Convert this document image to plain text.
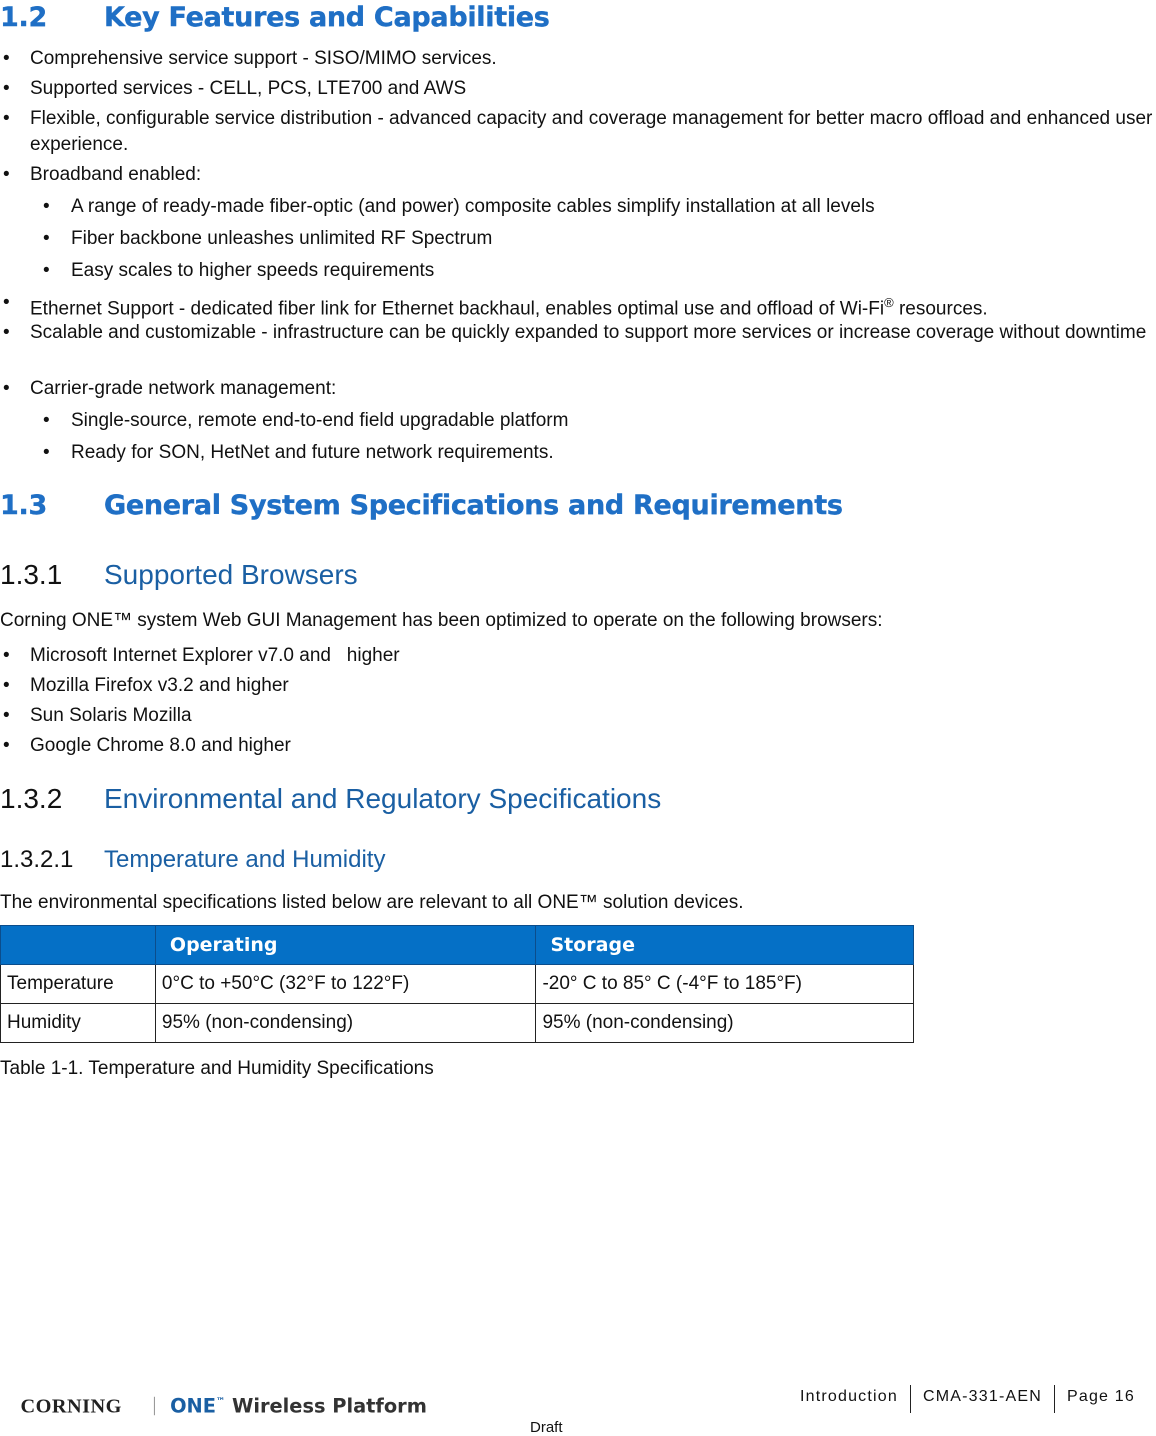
1.2 Key Features and Capabilities
• Comprehensive service support - SISO/MIMO services.
• Supported services - CELL, PCS, LTE700 and AWS
• Flexible, configurable service distribution - advanced capacity and coverage management for better macro offload and enhanced user experience.
• Broadband enabled:
• A range of ready-made fiber-optic (and power) composite cables simplify installation at all levels
• Fiber backbone unleashes unlimited RF Spectrum
• Easy scales to higher speeds requirements
• Ethernet Support - dedicated fiber link for Ethernet backhaul, enables optimal use and offload of Wi-Fi® resources.
• Scalable and customizable - infrastructure can be quickly expanded to support more services or increase coverage without downtime
• Carrier-grade network management:
• Single-source, remote end-to-end field upgradable platform
• Ready for SON, HetNet and future network requirements.
1.3 General System Specifications and Requirements
1.3.1 Supported Browsers

Corning ONE™ system Web GUI Management has been optimized to operate on the following browsers:

• Microsoft Internet Explorer v7.0 and   higher
• Mozilla Firefox v3.2 and higher
• Sun Solaris Mozilla
• Google Chrome 8.0 and higher
1.3.2 Environmental and Regulatory Specifications
1.3.2.1 Temperature and Humidity

The environmental specifications listed below are relevant to all ONE™ solution devices.

	Operating	Storage
Temperature	0°C to +50°C (32°F to 122°F)	-20° C to 85° C (-4°F to 185°F)
Humidity	95% (non-condensing)	95% (non-condensing)
Table 1-1. Temperature and Humidity Specifications
CORNING ONE™ Wireless Platform	Introduction	CMA-331-AEN	Page 16
Draft
